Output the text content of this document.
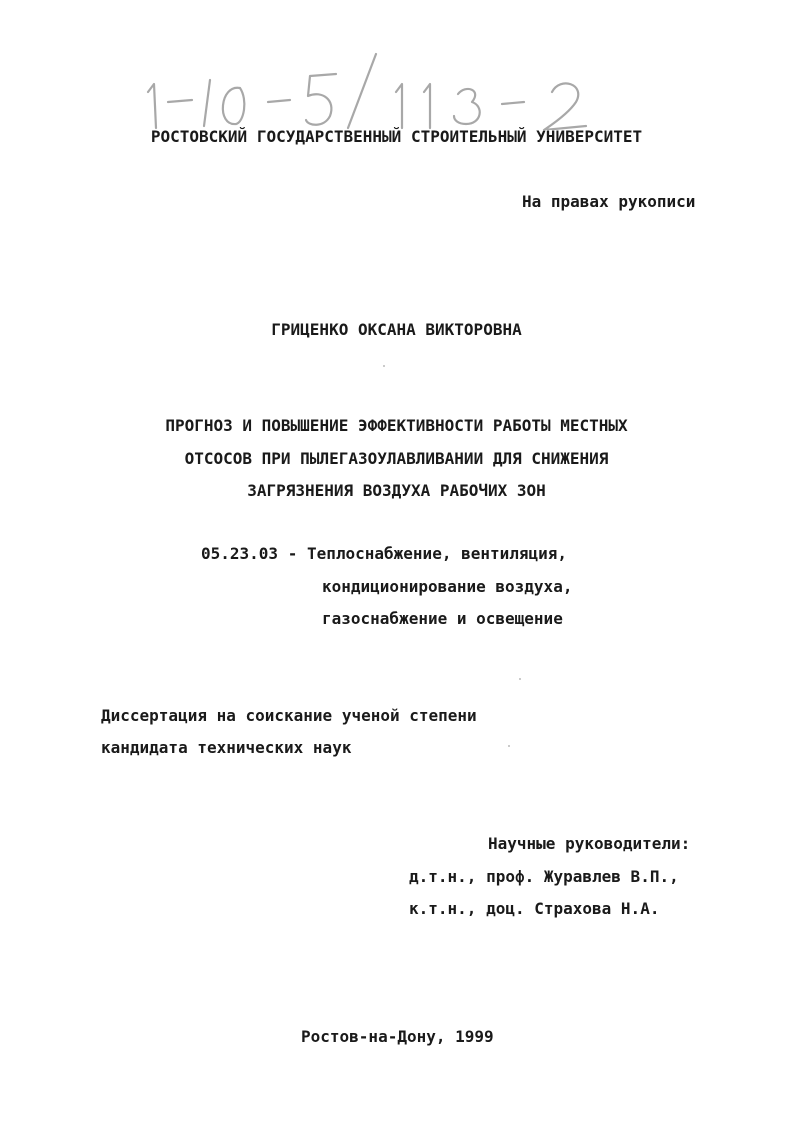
РОСТОВСКИЙ ГОСУДАРСТВЕННЫЙ СТРОИТЕЛЬНЫЙ УНИВЕРСИТЕТ
На правах рукописи
ГРИЦЕНКО ОКСАНА ВИКТОРОВНА
ПРОГНОЗ И ПОВЫШЕНИЕ ЭФФЕКТИВНОСТИ РАБОТЫ МЕСТНЫХ
ОТСОСОВ ПРИ ПЫЛЕГАЗОУЛАВЛИВАНИИ ДЛЯ СНИЖЕНИЯ
ЗАГРЯЗНЕНИЯ ВОЗДУХА РАБОЧИХ ЗОН
05.23.03 - Теплоснабжение, вентиляция,
кондиционирование воздуха,
газоснабжение и освещение
Диссертация на соискание ученой степени
кандидата технических наук
Научные руководители:
д.т.н., проф. Журавлев В.П.,
к.т.н., доц. Страхова Н.А.
Ростов-на-Дону, 1999
